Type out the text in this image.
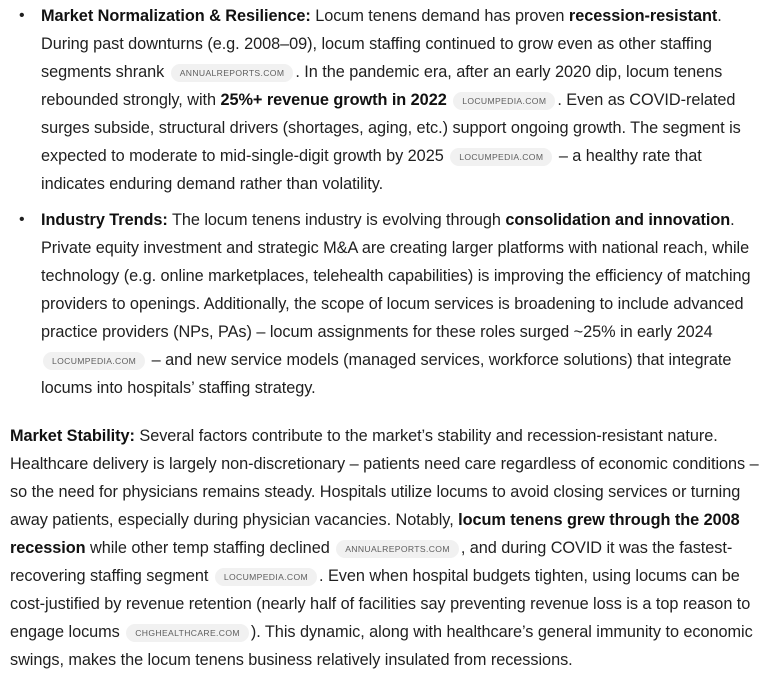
• Market Normalization & Resilience: Locum tenens demand has proven recession-resistant. During past downturns (e.g. 2008–09), locum staffing continued to grow even as other staffing segments shrank ANNUALREPORTS.COM . In the pandemic era, after an early 2020 dip, locum tenens rebounded strongly, with 25%+ revenue growth in 2022 LOCUMPEDIA.COM . Even as COVID-related surges subside, structural drivers (shortages, aging, etc.) support ongoing growth. The segment is expected to moderate to mid-single-digit growth by 2025 LOCUMPEDIA.COM – a healthy rate that indicates enduring demand rather than volatility.
• Industry Trends: The locum tenens industry is evolving through consolidation and innovation. Private equity investment and strategic M&A are creating larger platforms with national reach, while technology (e.g. online marketplaces, telehealth capabilities) is improving the efficiency of matching providers to openings. Additionally, the scope of locum services is broadening to include advanced practice providers (NPs, PAs) – locum assignments for these roles surged ~25% in early 2024 LOCUMPEDIA.COM – and new service models (managed services, workforce solutions) that integrate locums into hospitals’ staffing strategy.

Market Stability: Several factors contribute to the market’s stability and recession-resistant nature. Healthcare delivery is largely non-discretionary – patients need care regardless of economic conditions – so the need for physicians remains steady. Hospitals utilize locums to avoid closing services or turning away patients, especially during physician vacancies. Notably, locum tenens grew through the 2008 recession while other temp staffing declined ANNUALREPORTS.COM , and during COVID it was the fastest-recovering staffing segment LOCUMPEDIA.COM . Even when hospital budgets tighten, using locums can be cost-justified by revenue retention (nearly half of facilities say preventing revenue loss is a top reason to engage locums CHGHEALTHCARE.COM ). This dynamic, along with healthcare’s general immunity to economic swings, makes the locum tenens business relatively insulated from recessions.
